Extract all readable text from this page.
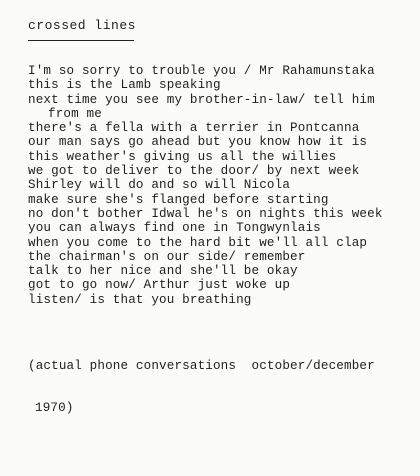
crossed lines
I'm so sorry to trouble you / Mr Rahamunstaka
this is the Lamb speaking
next time you see my brother-in-law/ tell him
from me
there's a fella with a terrier in Pontcanna
our man says go ahead but you know how it is
this weather's giving us all the willies
we got to deliver to the door/ by next week
Shirley will do and so will Nicola
make sure she's flanged before starting
no don't bother Idwal he's on nights this week
you can always find one in Tongwynlais
when you come to the hard bit we'll all clap
the chairman's on our side/ remember
talk to her nice and she'll be okay
got to go now/ Arthur just woke up
listen/ is that you breathing

(actual phone conversations  october/december

1970)
